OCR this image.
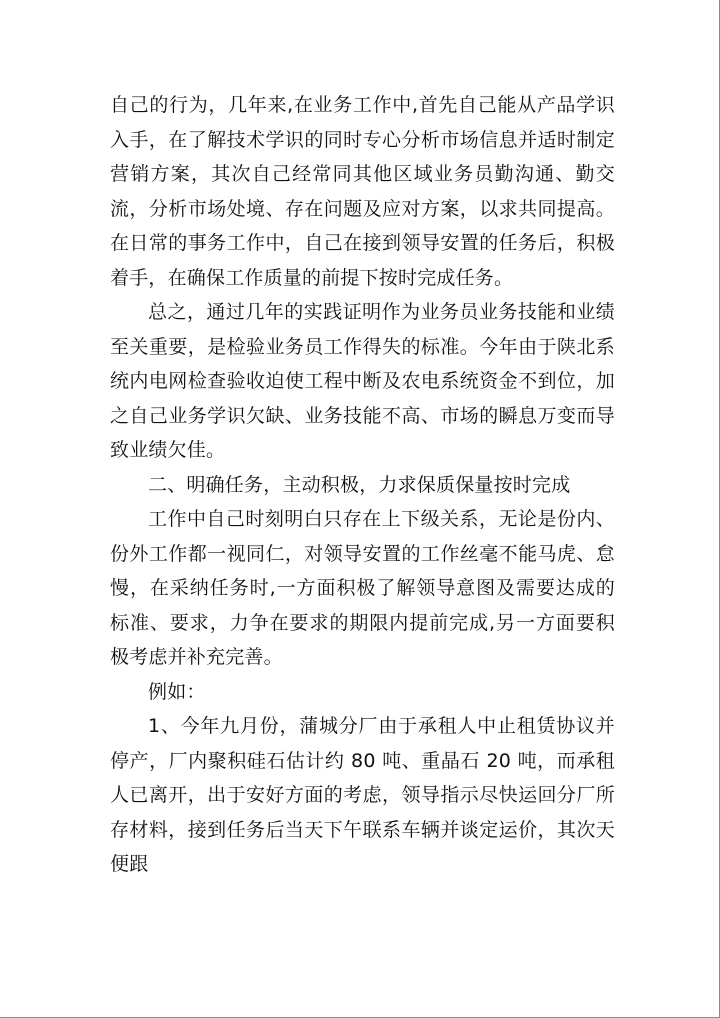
自己的行为，几年来,在业务工作中,首先自己能从产品学识入手，在了解技术学识的同时专心分析市场信息并适时制定营销方案，其次自己经常同其他区域业务员勤沟通、勤交流，分析市场处境、存在问题及应对方案，以求共同提高。在日常的事务工作中，自己在接到领导安置的任务后，积极着手，在确保工作质量的前提下按时完成任务。

总之，通过几年的实践证明作为业务员业务技能和业绩至关重要，是检验业务员工作得失的标准。今年由于陕北系统内电网检查验收迫使工程中断及农电系统资金不到位，加之自己业务学识欠缺、业务技能不高、市场的瞬息万变而导致业绩欠佳。

二、明确任务，主动积极，力求保质保量按时完成

工作中自己时刻明白只存在上下级关系，无论是份内、份外工作都一视同仁，对领导安置的工作丝毫不能马虎、怠慢，在采纳任务时,一方面积极了解领导意图及需要达成的标准、要求，力争在要求的期限内提前完成,另一方面要积极考虑并补充完善。

例如：

1、今年九月份，蒲城分厂由于承租人中止租赁协议并停产，厂内聚积硅石估计约 80 吨、重晶石 20 吨，而承租人已离开，出于安好方面的考虑，领导指示尽快运回分厂所存材料，接到任务后当天下午联系车辆并谈定运价，其次天便跟
